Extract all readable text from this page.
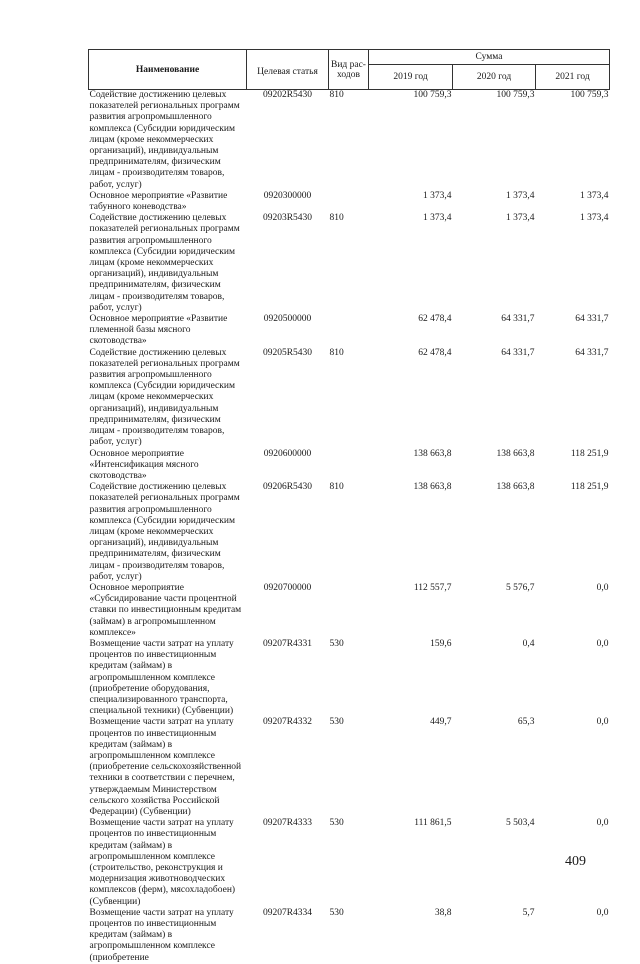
Наименование	Целевая статья	Вид рас-ходов	Сумма		
			2019 год	2020 год	2021 год
Содействие достижению целевых показателей региональных программ развития агропромышленного комплекса (Субсидии юридическим лицам (кроме некоммерческих организаций), индивидуальным предпринимателям, физическим лицам - производителям товаров, работ, услуг)	09202R5430	810	100 759,3	100 759,3	100 759,3
Основное мероприятие «Развитие табунного коневодства»	0920300000		1 373,4	1 373,4	1 373,4
Содействие достижению целевых показателей региональных программ развития агропромышленного комплекса (Субсидии юридическим лицам (кроме некоммерческих организаций), индивидуальным предпринимателям, физическим лицам - производителям товаров, работ, услуг)	09203R5430	810	1 373,4	1 373,4	1 373,4
Основное мероприятие «Развитие племенной базы мясного скотоводства»	0920500000		62 478,4	64 331,7	64 331,7
Содействие достижению целевых показателей региональных программ развития агропромышленного комплекса (Субсидии юридическим лицам (кроме некоммерческих организаций), индивидуальным предпринимателям, физическим лицам - производителям товаров, работ, услуг)	09205R5430	810	62 478,4	64 331,7	64 331,7
Основное мероприятие «Интенсификация мясного скотоводства»	0920600000		138 663,8	138 663,8	118 251,9
Содействие достижению целевых показателей региональных программ развития агропромышленного комплекса (Субсидии юридическим лицам (кроме некоммерческих организаций), индивидуальным предпринимателям, физическим лицам - производителям товаров, работ, услуг)	09206R5430	810	138 663,8	138 663,8	118 251,9
Основное мероприятие «Субсидирование части процентной ставки по инвестиционным кредитам (займам) в агропромышленном комплексе»	0920700000		112 557,7	5 576,7	0,0
Возмещение части затрат на уплату процентов по инвестиционным кредитам (займам) в агропромышленном комплексе (приобретение оборудования, специализированного транспорта, специальной техники) (Субвенции)	09207R4331	530	159,6	0,4	0,0
Возмещение части затрат на уплату процентов по инвестиционным кредитам (займам) в агропромышленном комплексе (приобретение сельскохозяйственной техники в соответствии с перечнем, утверждаемым Министерством сельского хозяйства Российской Федерации) (Субвенции)	09207R4332	530	449,7	65,3	0,0
Возмещение части затрат на уплату процентов по инвестиционным кредитам (займам) в агропромышленном комплексе (строительство, реконструкция и модернизация животноводческих комплексов (ферм), мясохладобоен) (Субвенции)	09207R4333	530	111 861,5	5 503,4	0,0
Возмещение части затрат на уплату процентов по инвестиционным кредитам (займам) в агропромышленном комплексе (приобретение	09207R4334	530	38,8	5,7	0,0
409
